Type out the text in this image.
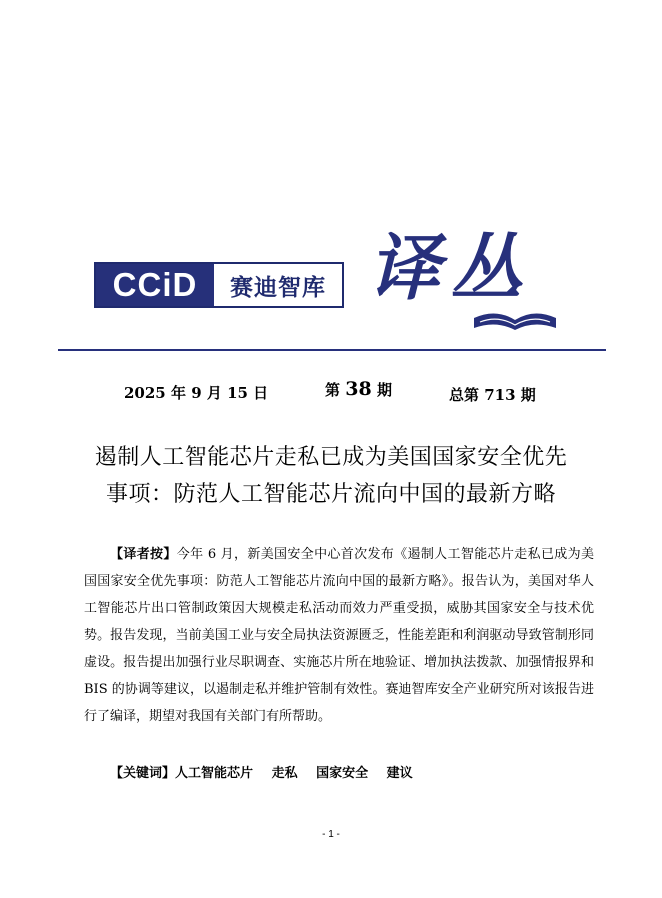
CCiD	赛迪智库 译丛
2025 年 9 月 15 日	第 38 期	总第 713 期
遏制人工智能芯片走私已成为美国国家安全优先
事项：防范人工智能芯片流向中国的最新方略
【译者按】今年 6 月，新美国安全中心首次发布《遏制人工智能芯片走私已成为美国国家安全优先事项：防范人工智能芯片流向中国的最新方略》。报告认为，美国对华人工智能芯片出口管制政策因大规模走私活动而效力严重受损，威胁其国家安全与技术优势。报告发现，当前美国工业与安全局执法资源匮乏，性能差距和利润驱动导致管制形同虚设。报告提出加强行业尽职调查、实施芯片所在地验证、增加执法拨款、加强情报界和 BIS 的协调等建议，以遏制走私并维护管制有效性。赛迪智库安全产业研究所对该报告进行了编译，期望对我国有关部门有所帮助。
【关键词】人工智能芯片 走私 国家安全 建议
- 1 -
